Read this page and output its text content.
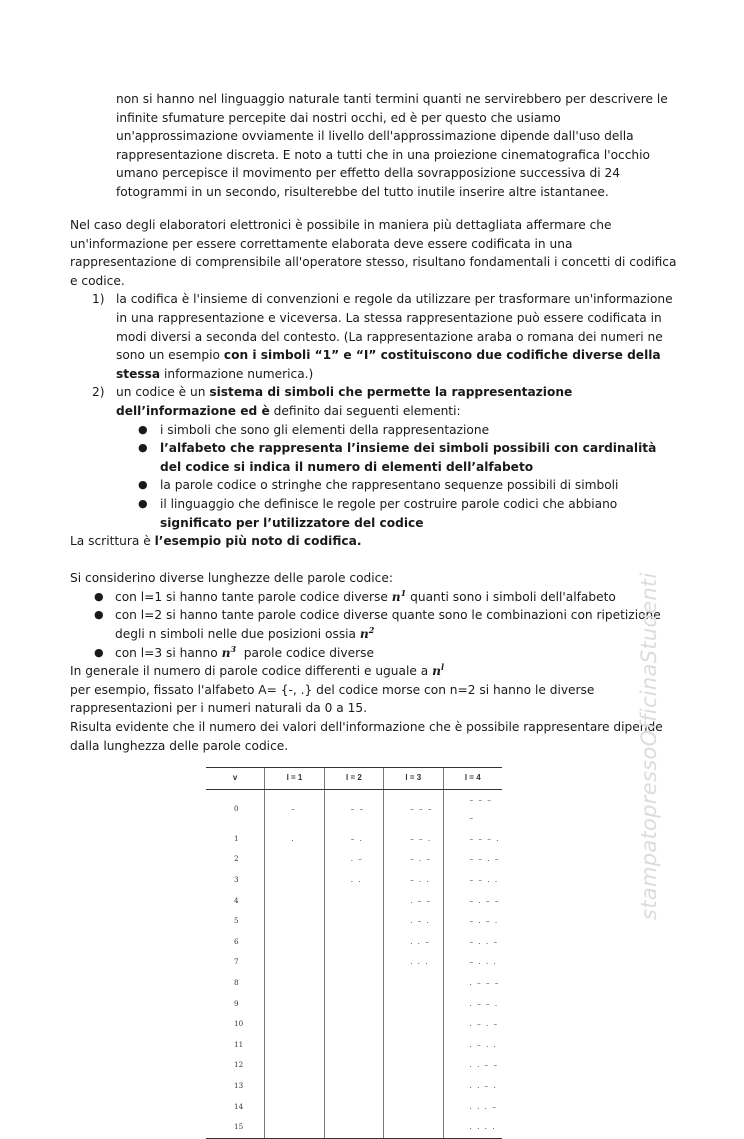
non si hanno nel linguaggio naturale tanti termini quanti ne servirebbero per descrivere le infinite sfumature percepite dai nostri occhi, ed è per questo che usiamo un'approssimazione ovviamente il livello dell'approssimazione dipende dall'uso della rappresentazione discreta. E noto a tutti che in una proiezione cinematografica l'occhio umano percepisce il movimento per effetto della sovrapposizione successiva di 24 fotogrammi in un secondo, risulterebbe del tutto inutile inserire altre istantanee.
Nel caso degli elaboratori elettronici è possibile in maniera più dettagliata affermare che un'informazione per essere correttamente elaborata deve essere codificata in una rappresentazione di comprensibile all'operatore stesso, risultano fondamentali i concetti di codifica e codice.
1) la codifica è l'insieme di convenzioni e regole da utilizzare per trasformare un'informazione in una rappresentazione e viceversa. La stessa rappresentazione può essere codificata in modi diversi a seconda del contesto. (La rappresentazione araba o romana dei numeri ne sono un esempio con i simboli “1” e “I” costituiscono due codifiche diverse della stessa informazione numerica.)
2) un codice è un sistema di simboli che permette la rappresentazione dell’informazione ed è definito dai seguenti elementi:
● i simboli che sono gli elementi della rappresentazione
● l’alfabeto che rappresenta l’insieme dei simboli possibili con cardinalità del codice si indica il numero di elementi dell’alfabeto
● la parole codice o stringhe che rappresentano sequenze possibili di simboli
● il linguaggio che definisce le regole per costruire parole codici che abbiano
significato per l’utilizzatore del codice
La scrittura è l’esempio più noto di codifica.
Si considerino diverse lunghezze delle parole codice:
● con l=1 si hanno tante parole codice diverse $n^1$ quanti sono i simboli dell'alfabeto
● con l=2 si hanno tante parole codice diverse quante sono le combinazioni con ripetizione degli n simboli nelle due posizioni ossia $n^2$
● con l=3 si hanno $n^3$ parole codice diverse
In generale il numero di parole codice differenti e uguale a $n^l$
per esempio, fissato l'alfabeto A= {-, .} del codice morse con n=2 si hanno le diverse rappresentazioni per i numeri naturali da 0 a 15.
Risulta evidente che il numero dei valori dell'informazione che è possibile rappresentare dipende dalla lunghezza delle parole codice.
v	l = 1	l = 2	l = 3	l = 4
0	–	– –	– – –	– – – –
1	.	– .	– – .	– – – .
2		. –	– . –	– – . –
3		. .	– . .	– – . .
4			. – –	– . – –
5			. – .	– . – .
6			. . –	– . . –
7			. . .	– . . .
8				. – – –
9				. – – .
10				. – . –
11				. – . .
12				. . – –
13				. . – .
14				. . . –
15				. . . .
stampatopressoOfficinaStudenti
